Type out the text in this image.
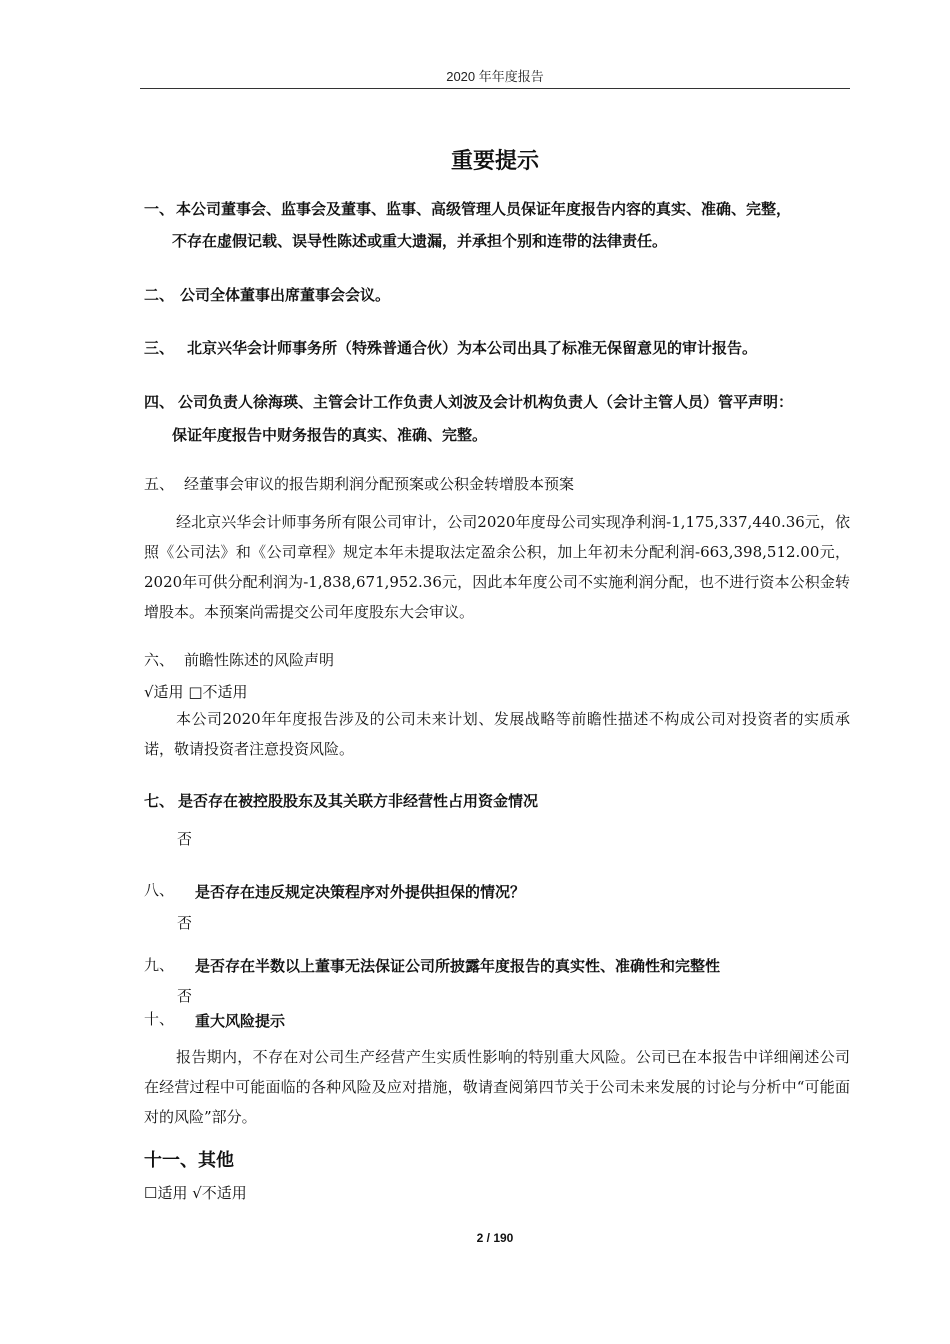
2020 年年度报告
重要提示
一、 本公司董事会、监事会及董事、监事、高级管理人员保证年度报告内容的真实、准确、完整，
不存在虚假记载、误导性陈述或重大遗漏，并承担个别和连带的法律责任。
二、 公司全体董事出席董事会会议。
三、 北京兴华会计师事务所（特殊普通合伙）为本公司出具了标准无保留意见的审计报告。
四、 公司负责人徐海瑛、主管会计工作负责人刘波及会计机构负责人（会计主管人员）管平声明：
保证年度报告中财务报告的真实、准确、完整。
五、 经董事会审议的报告期利润分配预案或公积金转增股本预案
经北京兴华会计师事务所有限公司审计，公司2020年度母公司实现净利润-1,175,337,440.36元，依照《公司法》和《公司章程》规定本年未提取法定盈余公积，加上年初未分配利润-663,398,512.00元，2020年可供分配利润为-1,838,671,952.36元，因此本年度公司不实施利润分配，也不进行资本公积金转增股本。本预案尚需提交公司年度股东大会审议。
六、 前瞻性陈述的风险声明
√适用 □不适用
本公司2020年年度报告涉及的公司未来计划、发展战略等前瞻性描述不构成公司对投资者的实质承诺，敬请投资者注意投资风险。
七、 是否存在被控股股东及其关联方非经营性占用资金情况
否
八、 是否存在违反规定决策程序对外提供担保的情况？
否
九、 是否存在半数以上董事无法保证公司所披露年度报告的真实性、准确性和完整性
否
十、 重大风险提示
报告期内，不存在对公司生产经营产生实质性影响的特别重大风险。公司已在本报告中详细阐述公司在经营过程中可能面临的各种风险及应对措施，敬请查阅第四节关于公司未来发展的讨论与分析中“可能面对的风险”部分。
十一、其他
☐适用 √不适用
2 / 190
